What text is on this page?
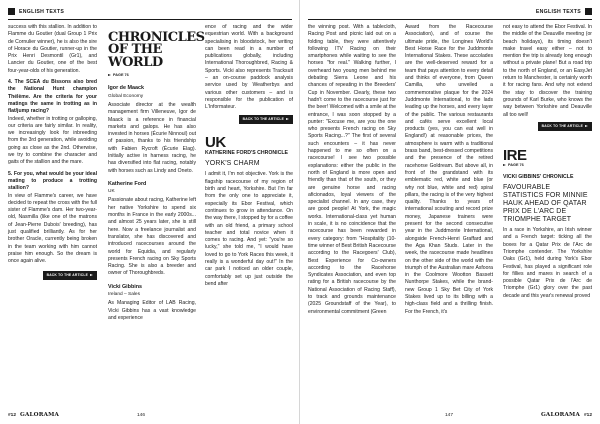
ENGLISH TEXTS

success with this stallion. In addition to Flamme du Goutier (dual Group 1 Prix de Cornulier winner), he is also the sire of Horace du Goutier, runner-up in the Prix Henri Desmontil (Gr1), and Lancier du Goutier, one of the best four-year-olds of his generation.

4. The SCEA du Bissons also bred the National Hunt champion Thélème. Are the criteria for your matings the same in trotting as in flat/jump racing?

Indeed, whether in trotting or galloping, our criteria are fairly similar. In reality, we increasingly look for inbreeding from the 3rd generation, while avoiding going as close as the 2nd. Otherwise, we try to combine the character and gaits of the stallion and the mare.

5. For you, what would be your ideal mating to produce a trotting stallion?

In view of Flamme's career, we have decided to repeat the cross with the full sister of Flamme's dam. Her two-year-old, Nasmilla (like one of the matrons of Jean-Pierre Dubois' breeding), has just qualified brilliantly. As for her brother Oracle, currently being broken in the team working with him cannot praise him enough. So the dream is once again alive.

BACK TO THE ARTICLE
CHRONICLES OF THE WORLD
PAGE 76
Igor de Maack
Global Economy

Associate director at the wealth management firm Villeneuve, Igor de Maack is a reference in financial markets and galops. He has also invested in horses (Écurie Ninnoul) out of passion, thanks to his friendship with Fabien Rycroft (Écurie Elag). Initially active in harness racing, he has diversified into flat racing, notably with horses such as Lindy and Oneto.

Katherine Ford
UK

Passionate about racing, Katherine left her native Yorkshire to spend six months in France in the early 2000s... and almost 25 years later, she is still here. Now a freelance journalist and translator, she has discovered and introduced racecourses around the world for Equidia, and regularly presents French racing on Sky Sports Racing. She is also a breeder and owner of Thoroughbreds.

Vicki Gibbins
Ireland – Sales

As Managing Editor of LAB Racing, Vicki Gibbins has a vast knowledge and experience

ence of racing and the wider equestrian world. With a background specialising in bloodstock, her writing can been read in a number of publications globally, including International Thoroughbred, Racing & Sports. Vicki also represents Tracksuit – an on-course paddock analysis service used by Weatherbys and various other customers – and is responsible for the publication of L'Informateur.

BACK TO THE ARTICLE
UK
KATHERINE FORD'S CHRONICLE
YORK'S CHARM

I admit it, I'm not objective. York is the flagship racecourse of my region of birth and heart, Yorkshire. But I'm far from the only one to appreciate it, especially its Ebor Festival, which continues to grow in attendance. On the way there, I stopped by for a coffee with an old friend, a primary school teacher and total novice when it comes to racing. And yet: "you're so lucky," she told me, "I would have loved to go to York Races this week, it really is a wonderful day out!" In the car park I noticed an older couple, comfortably set up just outside the bend after

#12 GALORAMA	146
ENGLISH TEXTS

the winning post. With a tablecloth, Racing Post and picnic laid out on a folding table, they were attentively following ITV Racing on their smartphones while waiting to see the horses "for real." Walking further, I overheard two young men behind me debating Sierra Leone and his chances of repeating in the Breeders' Cup in November. Clearly, these two hadn't come to the racecourse just for the beer! Welcomed with a smile at the entrance, I was soon stopped by a punter: "Excuse me, are you the one who presents French racing on Sky Sports Racing...?" The first of several such encounters – it has never happened to me so often on a racecourse! I see two possible explanations: either the public in the north of England is more open and friendly than that of the south, or they are genuine horse and racing aficionados, loyal viewers of the specialist channel. In any case, they are good people! At York, the magic works. International-class yet human in scale, it is no coincidence that the racecourse has been rewarded in every category: from "Hospitality (10-time winner of Best British Racecourse according to the Racegoers' Club), Best Experience for Co-owners according to the Racehorse Syndicates Association, and even top rating for a British racecourse by the National Association of Racing Staff), to track and grounds maintenance (2025 Groundstaff of the Year), to environmental commitment (Green

Award from the Racecourse Association), and of course the ultimate pride, the Longines World's Best Horse Race for the Juddmonte International Stakes. These accolades are the well-deserved reward for a team that pays attention to every detail and thinks of everyone, from Queen Camilla, who unveiled a commemorative plaque for the 2024 Juddmonte International, to the lads leading up the horses, and every layer of the public. The various restaurants and cafés serve excellent local products (yes, you can eat well in England!) at reasonable prices, the atmosphere is warm with a traditional brass band, best-dressed competitions and the presence of the retired racehorse Goldream. But above all, in front of the grandstand with its emblematic red, white and blue (or why not blue, white and red) spiral pillars, the racing is of the very highest quality. Thanks to years of international scouting and record prize money, Japanese trainers were present for the second consecutive year in the Juddmonte International, alongside French-Henri Graffard and the Aga Khan Studs. Later in the week, the racecourse made headlines on the other side of the world with the triumph of the Australian mare Asfoora in the Coolmore Wootton Bassett Nunthorpe Stakes, while the brand-new Group 1 Sky Bet City of York Stakes lived up to its billing with a high-class field and a thrilling finish. For the French, it's

not easy to attend the Ebor Festival. In the middle of the Deauville meeting (or beach holidays), its timing doesn't make travel easy either – not to mention the trip is already long enough without a private plane! But a road trip to the north of England, or an EasyJet return to Manchester, is certainly worth it for racing fans. And why not extend the stay to discover the training grounds of Karl Burke, who knows the way between Yorkshire and Deauville all too well!

BACK TO THE ARTICLE
IRE
PAGE 76
VICKI GIBBINS' CHRONICLE
FAVOURABLE STATISTICS FOR MINNIE HAUK AHEAD OF QATAR PRIX DE L'ARC DE TRIOMPHE TARGET

In a race in Yorkshire, an Irish winner and a French target: ticking all the boxes for a Qatar Prix de l'Arc de Triomphe contender. The Yorkshire Oaks (Gr1), held during York's Ebor Festival, has played a significant role for fillies and mares in search of a possible Qatar Prix de l'Arc de Triomphe (Gr1) glory over the past decade and this year's renewal proved

147	GALORAMA #12
